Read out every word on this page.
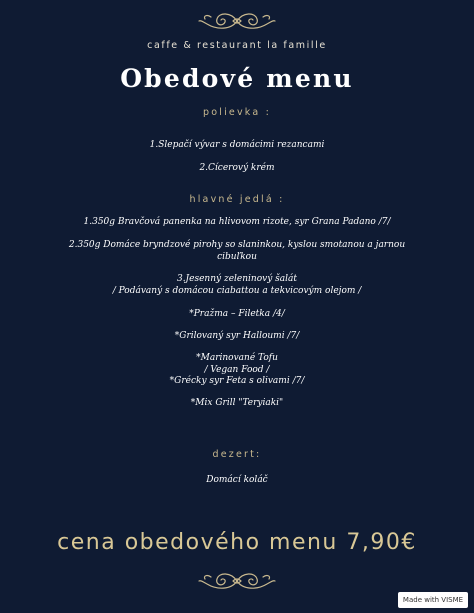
caffe & restaurant la famille
Obedové menu
polievka :
1.Slepačí vývar s domácimi rezancami
2.Cícerový krém
hlavné jedlá :
1.350g Bravčová panenka na hlivovom rizote, syr Grana Padano /7/
2.350g Domáce bryndzové pirohy so slaninkou, kyslou smotanou a jarnou
cibuľkou
3.Jesenný zeleninový šalát
/ Podávaný s domácou ciabattou a tekvicovým olejom /
*Pražma – Filetka /4/
*Grilovaný syr Halloumi /7/
*Marinované Tofu
/ Vegan Food /
*Grécky syr Feta s olivami /7/
*Mix Grill "Teryiaki"
dezert:
Domácí koláč
cena obedového menu 7,90€
Made with VISME
